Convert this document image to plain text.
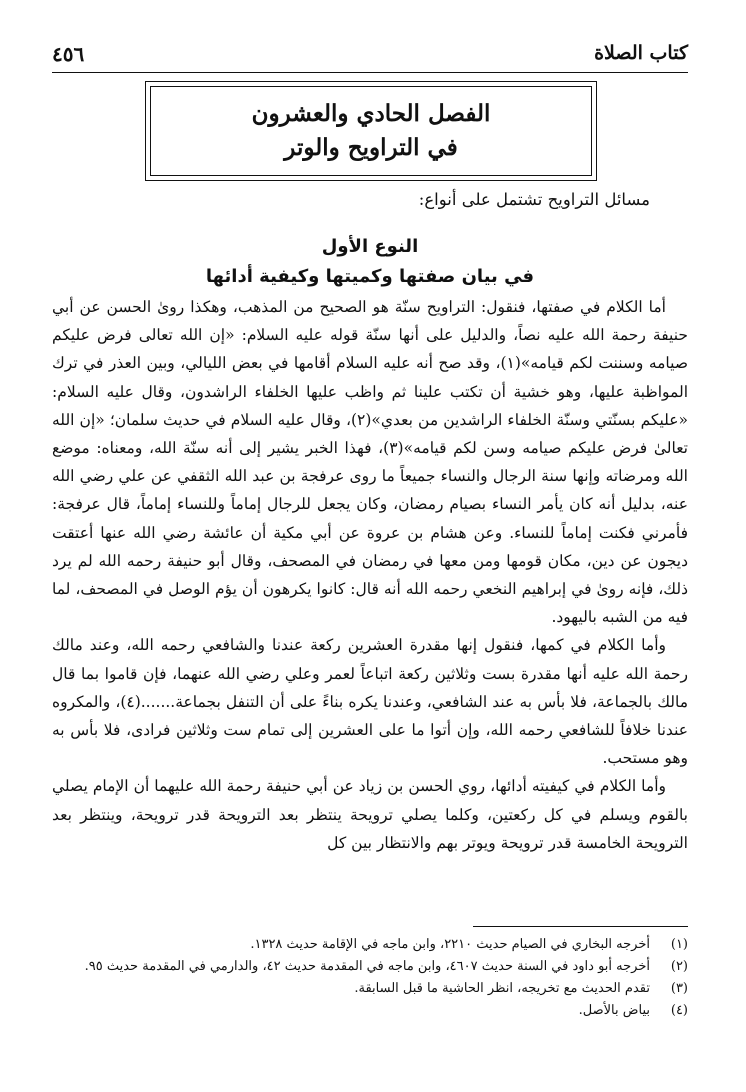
كتاب الصلاة
٤٥٦
الفصل الحادي والعشرون
في التراويح والوتر
مسائل التراويح تشتمل على أنواع:
النوع الأول
في بيان صفتها وكميتها وكيفية أدائها

أما الكلام في صفتها، فنقول: التراويح سنّة هو الصحيح من المذهب، وهكذا روىٰ الحسن عن أبي حنيفة رحمة الله عليه نصاً، والدليل على أنها سنّة قوله عليه السلام: «إن الله تعالى فرض عليكم صيامه وسننت لكم قيامه»(١)، وقد صح أنه عليه السلام أقامها في بعض الليالي، وبين العذر في ترك المواظبة عليها، وهو خشية أن تكتب علينا ثم واظب عليها الخلفاء الراشدون، وقال عليه السلام: «عليكم بسنّتي وسنّة الخلفاء الراشدين من بعدي»(٢)، وقال عليه السلام في حديث سلمان؛ «إن الله تعالىٰ فرض عليكم صيامه وسن لكم قيامه»(٣)، فهذا الخبر يشير إلى أنه سنّة الله، ومعناه: موضع الله ومرضاته وإنها سنة الرجال والنساء جميعاً ما روى عرفجة بن عبد الله الثقفي عن علي رضي الله عنه، بدليل أنه كان يأمر النساء بصيام رمضان، وكان يجعل للرجال إماماً وللنساء إماماً، قال عرفجة: فأمرني فكنت إماماً للنساء. وعن هشام بن عروة عن أبي مكية أن عائشة رضي الله عنها أعتقت ديجون عن دين، مكان قومها ومن معها في رمضان في المصحف، وقال أبو حنيفة رحمه الله لم يرد ذلك، فإنه روىٰ في إبراهيم النخعي رحمه الله أنه قال: كانوا يكرهون أن يؤم الوصل في المصحف، لما فيه من الشبه باليهود.

وأما الكلام في كمها، فنقول إنها مقدرة العشرين ركعة عندنا والشافعي رحمه الله، وعند مالك رحمة الله عليه أنها مقدرة بست وثلاثين ركعة اتباعاً لعمر وعلي رضي الله عنهما، فإن قاموا بما قال مالك بالجماعة، فلا بأس به عند الشافعي، وعندنا يكره بناءً على أن التنفل بجماعة.......(٤)، والمكروه عندنا خلافاً للشافعي رحمه الله، وإن أتوا ما على العشرين إلى تمام ست وثلاثين فرادى، فلا بأس به وهو مستحب.

وأما الكلام في كيفيته أدائها، روي الحسن بن زياد عن أبي حنيفة رحمة الله عليهما أن الإمام يصلي بالقوم ويسلم في كل ركعتين، وكلما يصلي ترويحة ينتظر بعد الترويحة قدر ترويحة، وينتظر بعد الترويحة الخامسة قدر ترويحة ويوتر بهم والانتظار بين كل

(١)
أخرجه البخاري في الصيام حديث ٢٢١٠، وابن ماجه في الإقامة حديث ١٣٢٨.
(٢)
أخرجه أبو داود في السنة حديث ٤٦٠٧، وابن ماجه في المقدمة حديث ٤٢، والدارمي في المقدمة حديث ٩٥.
(٣)
تقدم الحديث مع تخريجه، انظر الحاشية ما قبل السابقة.
(٤)
بياض بالأصل.
